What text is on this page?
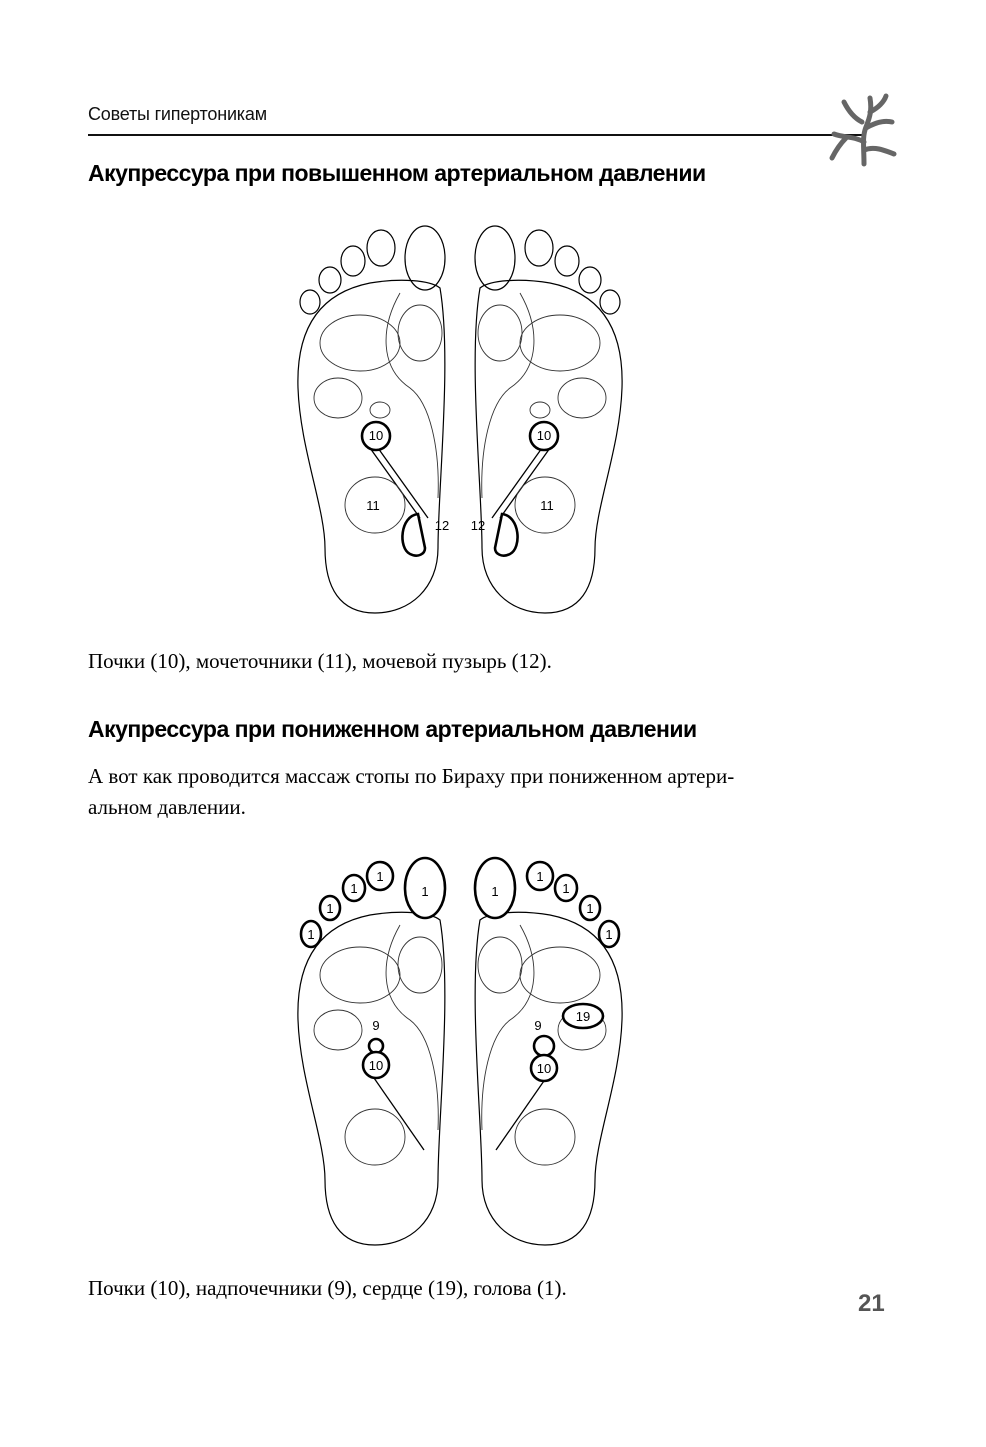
Советы гипертоникам
Акупрессура при повышенном артериальном давлении
10
11
12
10
11
12
Почки (10), мочеточники (11), мочевой пузырь (12).
Акупрессура при пониженном артериальном давлении
А вот как проводится массаж стопы по Бираху при пониженном артери-
альном давлении.
1
1
1
1
1
9
10
1
1
1
1
1
9
10
19
Почки (10), надпочечники (9), сердце (19), голова (1).
21
